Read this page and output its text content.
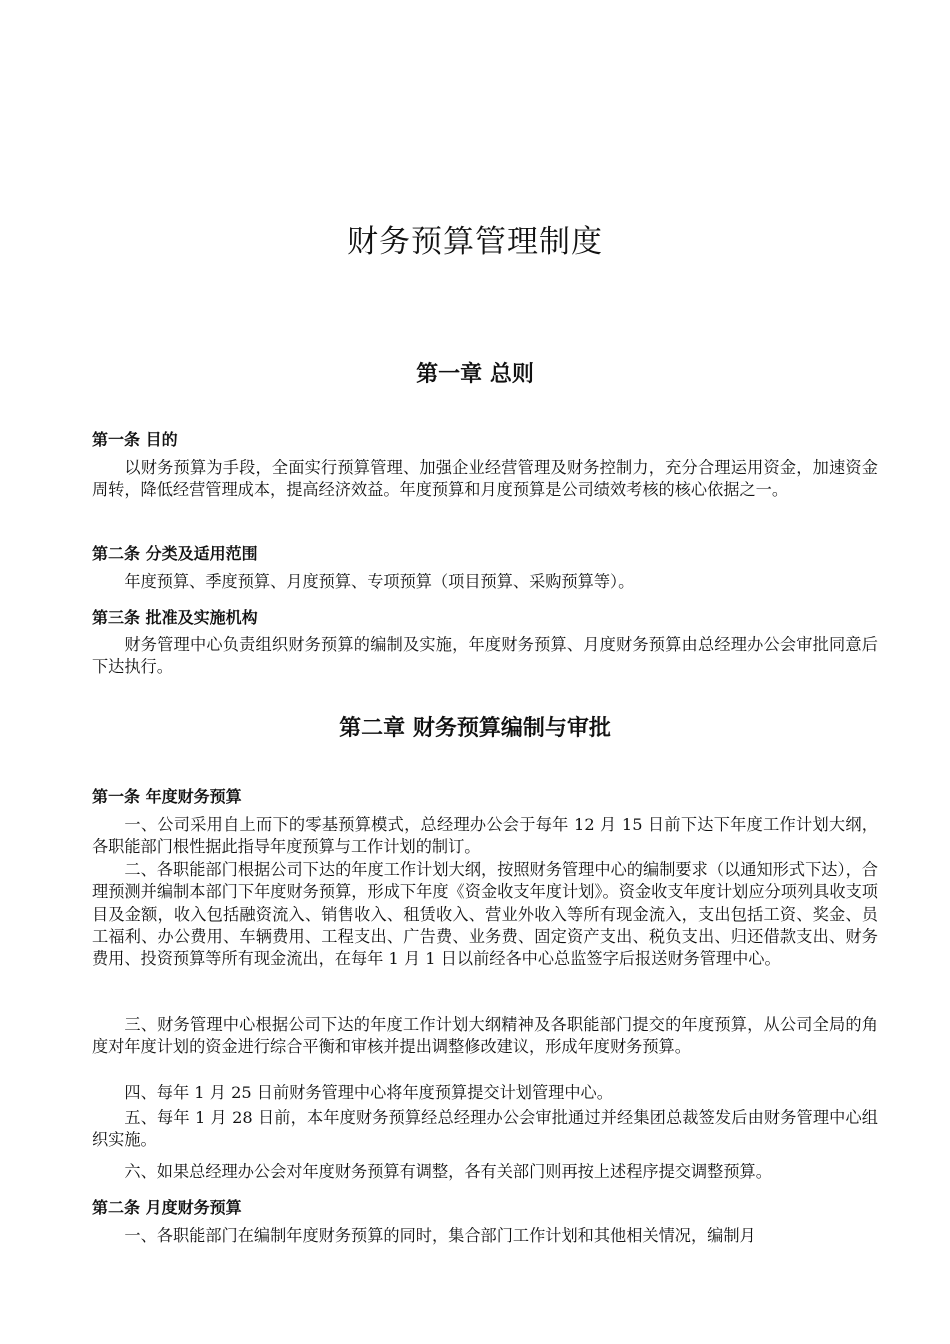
财务预算管理制度
第一章 总则
第一条 目的

以财务预算为手段，全面实行预算管理、加强企业经营管理及财务控制力，充分合理运用资金，加速资金周转，降低经营管理成本，提高经济效益。年度预算和月度预算是公司绩效考核的核心依据之一。

第二条 分类及适用范围

年度预算、季度预算、月度预算、专项预算（项目预算、采购预算等）。

第三条 批准及实施机构

财务管理中心负责组织财务预算的编制及实施，年度财务预算、月度财务预算由总经理办公会审批同意后下达执行。

第二章 财务预算编制与审批
第一条 年度财务预算

一、公司采用自上而下的零基预算模式，总经理办公会于每年 12 月 15 日前下达下年度工作计划大纲，各职能部门根性据此指导年度预算与工作计划的制订。

二、各职能部门根据公司下达的年度工作计划大纲，按照财务管理中心的编制要求（以通知形式下达），合理预测并编制本部门下年度财务预算，形成下年度《资金收支年度计划》。资金收支年度计划应分项列具收支项目及金额，收入包括融资流入、销售收入、租赁收入、营业外收入等所有现金流入，支出包括工资、奖金、员工福利、办公费用、车辆费用、工程支出、广告费、业务费、固定资产支出、税负支出、归还借款支出、财务费用、投资预算等所有现金流出，在每年 1 月 1 日以前经各中心总监签字后报送财务管理中心。

三、财务管理中心根据公司下达的年度工作计划大纲精神及各职能部门提交的年度预算，从公司全局的角度对年度计划的资金进行综合平衡和审核并提出调整修改建议，形成年度财务预算。

四、每年 1 月 25 日前财务管理中心将年度预算提交计划管理中心。

五、每年 1 月 28 日前，本年度财务预算经总经理办公会审批通过并经集团总裁签发后由财务管理中心组织实施。

六、如果总经理办公会对年度财务预算有调整，各有关部门则再按上述程序提交调整预算。

第二条 月度财务预算

一、各职能部门在编制年度财务预算的同时，集合部门工作计划和其他相关情况，编制月
